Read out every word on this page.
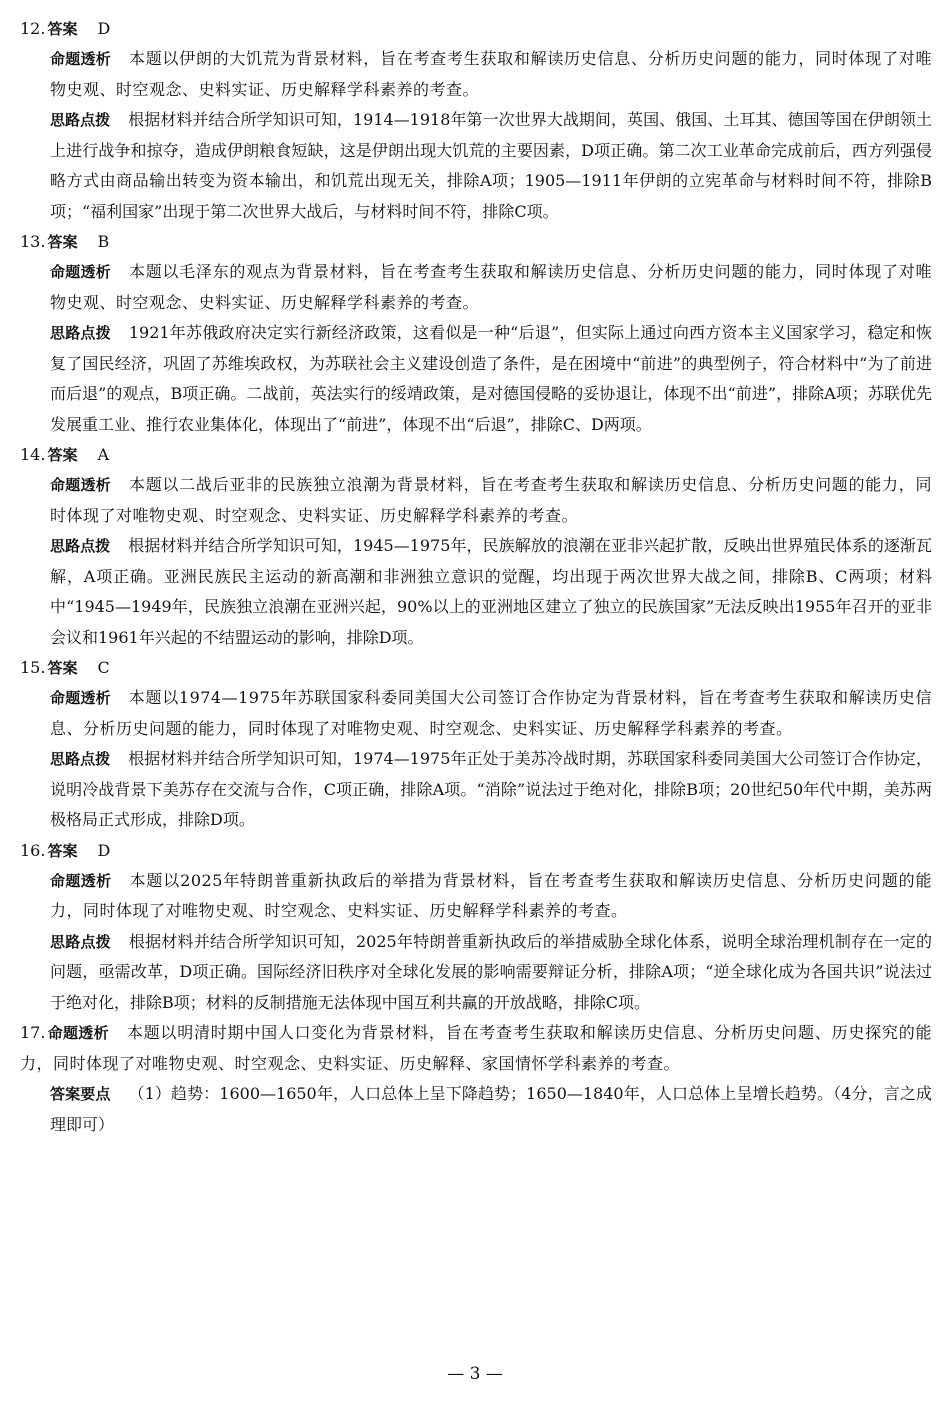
12. 答案 D

命题透析 本题以伊朗的大饥荒为背景材料，旨在考查考生获取和解读历史信息、分析历史问题的能力，同时体现了对唯物史观、时空观念、史料实证、历史解释学科素养的考查。

思路点拨 根据材料并结合所学知识可知，1914—1918年第一次世界大战期间，英国、俄国、土耳其、德国等国在伊朗领土上进行战争和掠夺，造成伊朗粮食短缺，这是伊朗出现大饥荒的主要因素，D项正确。第二次工业革命完成前后，西方列强侵略方式由商品输出转变为资本输出，和饥荒出现无关，排除A项；1905—1911年伊朗的立宪革命与材料时间不符，排除B项；“福利国家”出现于第二次世界大战后，与材料时间不符，排除C项。

13. 答案 B

命题透析 本题以毛泽东的观点为背景材料，旨在考查考生获取和解读历史信息、分析历史问题的能力，同时体现了对唯物史观、时空观念、史料实证、历史解释学科素养的考查。

思路点拨 1921年苏俄政府决定实行新经济政策，这看似是一种“后退”，但实际上通过向西方资本主义国家学习，稳定和恢复了国民经济，巩固了苏维埃政权，为苏联社会主义建设创造了条件，是在困境中“前进”的典型例子，符合材料中“为了前进而后退”的观点，B项正确。二战前，英法实行的绥靖政策，是对德国侵略的妥协退让，体现不出“前进”，排除A项；苏联优先发展重工业、推行农业集体化，体现出了“前进”，体现不出“后退”，排除C、D两项。

14. 答案 A

命题透析 本题以二战后亚非的民族独立浪潮为背景材料，旨在考查考生获取和解读历史信息、分析历史问题的能力，同时体现了对唯物史观、时空观念、史料实证、历史解释学科素养的考查。

思路点拨 根据材料并结合所学知识可知，1945—1975年，民族解放的浪潮在亚非兴起扩散，反映出世界殖民体系的逐渐瓦解，A项正确。亚洲民族民主运动的新高潮和非洲独立意识的觉醒，均出现于两次世界大战之间，排除B、C两项；材料中“1945—1949年，民族独立浪潮在亚洲兴起，90%以上的亚洲地区建立了独立的民族国家”无法反映出1955年召开的亚非会议和1961年兴起的不结盟运动的影响，排除D项。

15. 答案 C

命题透析 本题以1974—1975年苏联国家科委同美国大公司签订合作协定为背景材料，旨在考查考生获取和解读历史信息、分析历史问题的能力，同时体现了对唯物史观、时空观念、史料实证、历史解释学科素养的考查。

思路点拨 根据材料并结合所学知识可知，1974—1975年正处于美苏冷战时期，苏联国家科委同美国大公司签订合作协定，说明冷战背景下美苏存在交流与合作，C项正确，排除A项。“消除”说法过于绝对化，排除B项；20世纪50年代中期，美苏两极格局正式形成，排除D项。

16. 答案 D

命题透析 本题以2025年特朗普重新执政后的举措为背景材料，旨在考查考生获取和解读历史信息、分析历史问题的能力，同时体现了对唯物史观、时空观念、史料实证、历史解释学科素养的考查。

思路点拨 根据材料并结合所学知识可知，2025年特朗普重新执政后的举措威胁全球化体系，说明全球治理机制存在一定的问题，亟需改革，D项正确。国际经济旧秩序对全球化发展的影响需要辩证分析，排除A项；“逆全球化成为各国共识”说法过于绝对化，排除B项；材料的反制措施无法体现中国互利共赢的开放战略，排除C项。

17. 命题透析 本题以明清时期中国人口变化为背景材料，旨在考查考生获取和解读历史信息、分析历史问题、历史探究的能力，同时体现了对唯物史观、时空观念、史料实证、历史解释、家国情怀学科素养的考查。

答案要点 （1）趋势：1600—1650年，人口总体上呈下降趋势；1650—1840年，人口总体上呈增长趋势。（4分，言之成理即可）

— 3 —
